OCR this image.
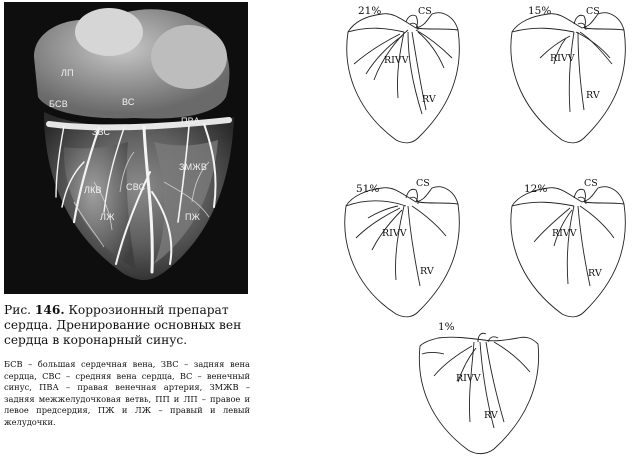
ЛП
БСВ	ВС
ЗВС
ПВА
ЗМЖВ
ЛКВ	СВС
ЛЖ	ПЖ
Рис. 146. Коррозионный препарат сердца. Дренирование основных вен сердца в коронарный синус.
БСВ – большая сердечная вена, ЗВС – задняя вена сердца, СВС – средняя вена сердца, ВС – венечный синус, ПВА – правая венечная артерия, ЗМЖВ – задняя межжелудочковая ветвь, ПП и ЛП – правое и левое предсердия, ПЖ и ЛЖ – правый и левый желудочки.
21%	CS
RIVV
RV
15%	CS
RIVV
RV
51%	CS
RIVV
RV
12%	CS
RIVV
RV
1%
RIVV
RV
